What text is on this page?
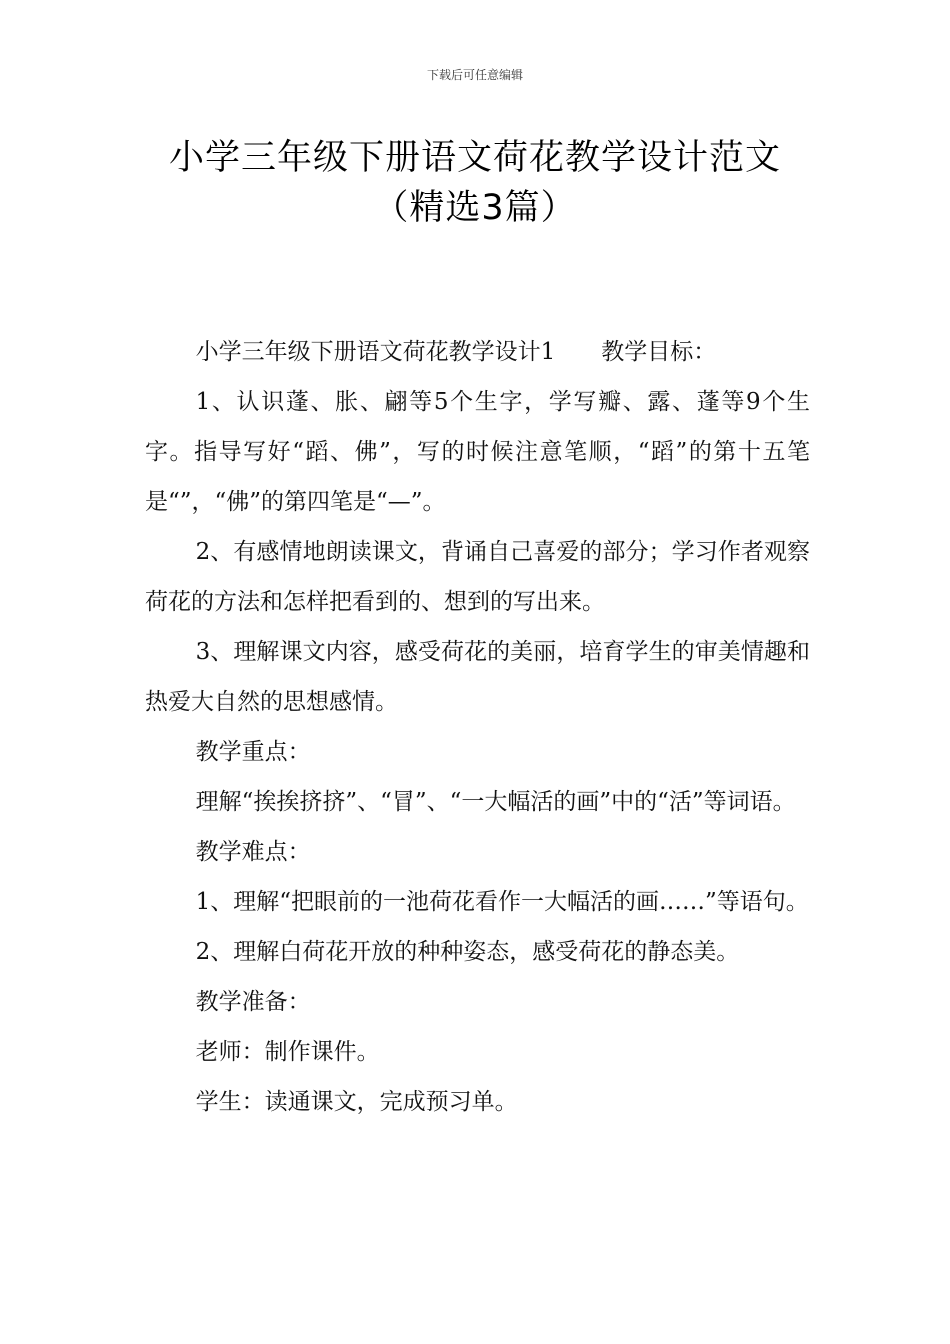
下载后可任意编辑
小学三年级下册语文荷花教学设计范文
（精选3篇）

小学三年级下册语文荷花教学设计1 教学目标：

1、认识蓬、胀、翩等5个生字，学写瓣、露、蓬等9个生字。指导写好“蹈、佛”，写的时候注意笔顺，“蹈”的第十五笔是“”，“佛”的第四笔是“—”。

2、有感情地朗读课文，背诵自己喜爱的部分；学习作者观察荷花的方法和怎样把看到的、想到的写出来。

3、理解课文内容，感受荷花的美丽，培育学生的审美情趣和热爱大自然的思想感情。

教学重点：

理解“挨挨挤挤”、“冒”、“一大幅活的画”中的“活”等词语。

教学难点：

1、理解“把眼前的一池荷花看作一大幅活的画……”等语句。

2、理解白荷花开放的种种姿态，感受荷花的静态美。

教学准备：

老师：制作课件。

学生：读通课文，完成预习单。
